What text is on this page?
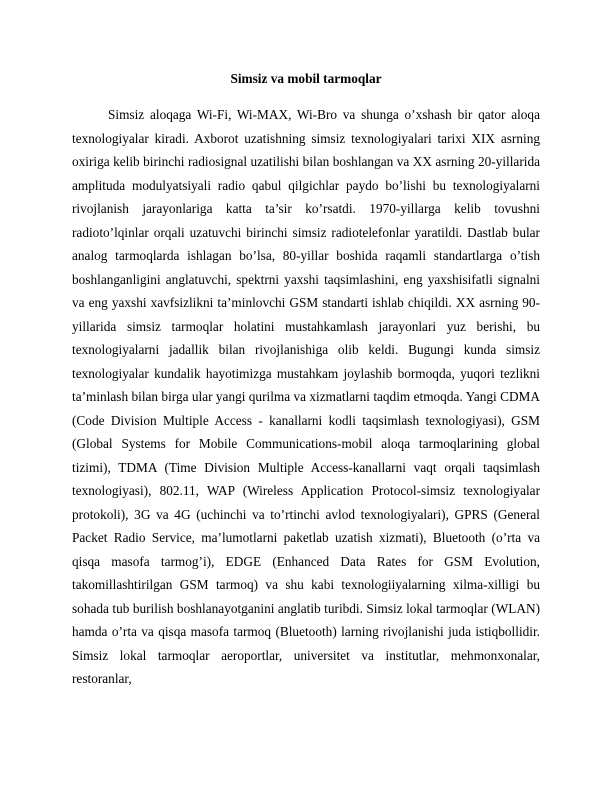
Simsiz va mobil tarmoqlar

Simsiz aloqaga Wi-Fi, Wi-MAX, Wi-Bro va shunga o’xshash bir qator aloqa texnologiyalar kiradi. Axborot uzatishning simsiz texnologiyalari tarixi XIX asrning oxiriga kelib birinchi radiosignal uzatilishi bilan boshlangan va XX asrning 20-yillarida amplituda modulyatsiyali radio qabul qilgichlar paydo bo’lishi bu texnologiyalarni rivojlanish jarayonlariga katta ta’sir ko’rsatdi. 1970-yillarga kelib tovushni radioto’lqinlar orqali uzatuvchi birinchi simsiz radiotelefonlar yaratildi. Dastlab bular analog tarmoqlarda ishlagan bo’lsa, 80-yillar boshida raqamli standartlarga o’tish boshlanganligini anglatuvchi, spektrni yaxshi taqsimlashini, eng yaxshisifatli signalni va eng yaxshi xavfsizlikni ta’minlovchi GSM standarti ishlab chiqildi. XX asrning 90-yillarida simsiz tarmoqlar holatini mustahkamlash jarayonlari yuz berishi, bu texnologiyalarni jadallik bilan rivojlanishiga olib keldi. Bugungi kunda simsiz texnologiyalar kundalik hayotimizga mustahkam joylashib bormoqda, yuqori tezlikni ta’minlash bilan birga ular yangi qurilma va xizmatlarni taqdim etmoqda. Yangi CDMA (Code Division Multiple Access - kanallarni kodli taqsimlash texnologiyasi), GSM (Global Systems for Mobile Communications-mobil aloqa tarmoqlarining global tizimi), TDMA (Time Division Multiple Access-kanallarni vaqt orqali taqsimlash texnologiyasi), 802.11, WAP (Wireless Application Protocol-simsiz texnologiyalar protokoli), 3G va 4G (uchinchi va to’rtinchi avlod texnologiyalari), GPRS (General Packet Radio Service, ma’lumotlarni paketlab uzatish xizmati), Bluetooth (o’rta va qisqa masofa tarmog’i), EDGE (Enhanced Data Rates for GSM Evolution, takomillashtirilgan GSM tarmoq) va shu kabi texnologiiyalarning xilma-xilligi bu sohada tub burilish boshlanayotganini anglatib turibdi. Simsiz lokal tarmoqlar (WLAN) hamda o’rta va qisqa masofa tarmoq (Bluetooth) larning rivojlanishi juda istiqbollidir. Simsiz lokal tarmoqlar aeroportlar, universitet va institutlar, mehmonxonalar, restoranlar,
